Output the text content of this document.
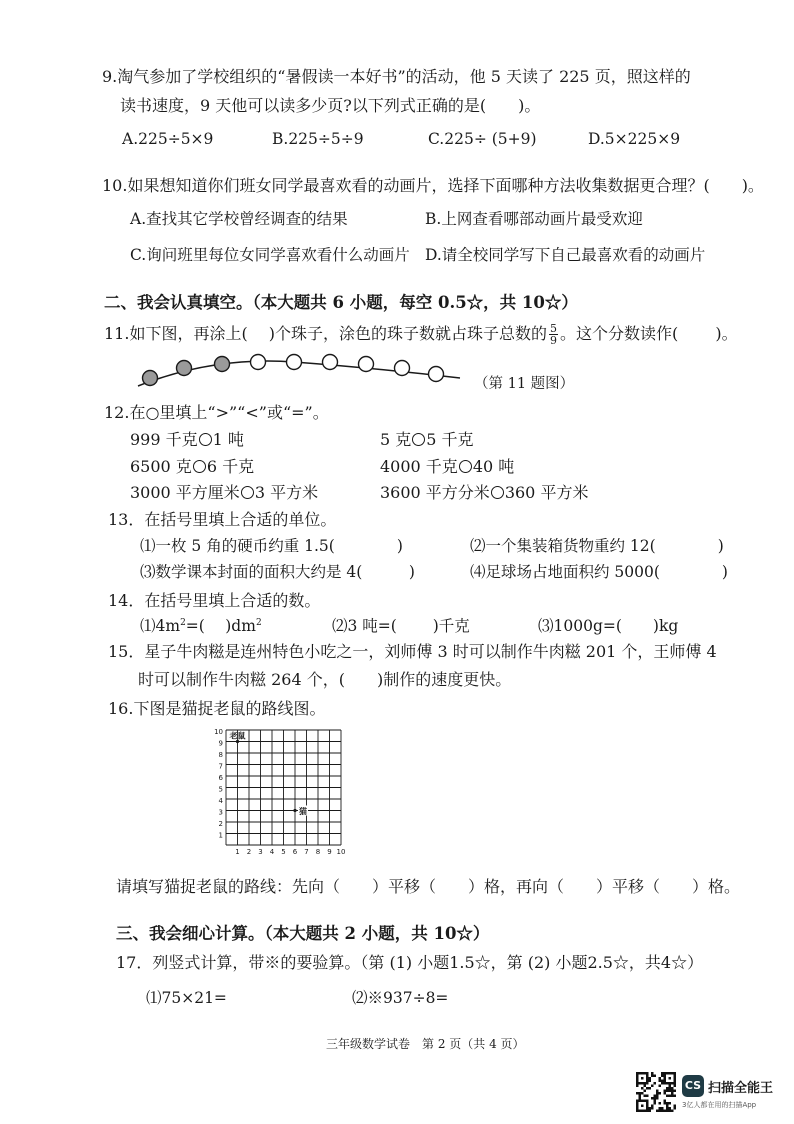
9.淘气参加了学校组织的“暑假读一本好书”的活动，他 5 天读了 225 页，照这样的
读书速度，9 天他可以读多少页?以下列式正确的是(　　)。
A.225÷5×9	B.225÷5÷9	C.225÷ (5+9)	D.5×225×9
10.如果想知道你们班女同学最喜欢看的动画片，选择下面哪种方法收集数据更合理？(　　)。
A.查找其它学校曾经调查的结果	B.上网查看哪部动画片最受欢迎
C.询问班里每位女同学喜欢看什么动画片 D.请全校同学写下自己最喜欢看的动画片
二、我会认真填空。（本大题共 6 小题，每空 0.5☆，共 10☆）
11.如下图，再涂上(　 )个珠子，涂色的珠子数就占珠子总数的 $\frac{5}{9}$ 。这个分数读作(　　 )。
（第 11 题图）
12.在○里填上“>”“<”或“=”。
999 千克 1 吨	5 克 5 千克
6500 克 6 千克	4000 千克 40 吨
3000 平方厘米 3 平方米	3600 平方分米 360 平方米
13．在括号里填上合适的单位。
⑴一枚 5 角的硬币约重 1.5(　　　　)	⑵一个集装箱货物重约 12(　　　　)
⑶数学课本封面的面积大约是 4(　　　)	⑷足球场占地面积约 5000(　　　　)
14．在括号里填上合适的数。
$⑴4m^2=$(　 )$dm^2$	⑵3 吨=(　　 )千克	⑶1000g=(　　)kg
15．星子牛肉糍是连州特色小吃之一，刘师傅 3 时可以制作牛肉糍 201 个，王师傅 4
时可以制作牛肉糍 264 个，(　　)制作的速度更快。
16.下图是猫捉老鼠的路线图。
10
9
8
7
6
5
4
3
2
1
1 2 3 4 5 6 7 8 9 10
老鼠
猫
请填写猫捉老鼠的路线：先向（　　）平移（　　）格，再向（　　）平移（　　）格。
三、我会细心计算。（本大题共 2 小题，共 10☆）
17．列竖式计算，带※的要验算。（第 (1) 小题1.5☆，第 (2) 小题2.5☆，共4☆）
⑴75×21=	⑵※937÷8=
三年级数学试卷　第 2 页（共 4 页）
CS 扫描全能王
3亿人都在用的扫描App
